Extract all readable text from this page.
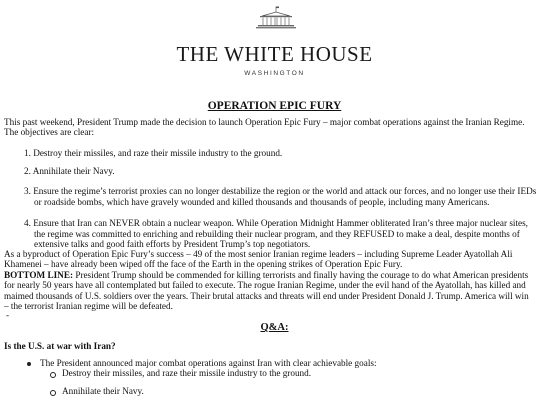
THE WHITE HOUSE
WASHINGTON
OPERATION EPIC FURY
This past weekend, President Trump made the decision to launch Operation Epic Fury – major combat operations against the Iranian Regime.
The objectives are clear:
1. Destroy their missiles, and raze their missile industry to the ground.
2. Annihilate their Navy.
3. Ensure the regime’s terrorist proxies can no longer destabilize the region or the world and attack our forces, and no longer use their IEDs
or roadside bombs, which have gravely wounded and killed thousands and thousands of people, including many Americans.
4. Ensure that Iran can NEVER obtain a nuclear weapon. While Operation Midnight Hammer obliterated Iran’s three major nuclear sites,
the regime was committed to enriching and rebuilding their nuclear program, and they REFUSED to make a deal, despite months of
extensive talks and good faith efforts by President Trump’s top negotiators.
As a byproduct of Operation Epic Fury’s success – 49 of the most senior Iranian regime leaders – including Supreme Leader Ayatollah Ali
Khamenei – have already been wiped off the face of the Earth in the opening strikes of Operation Epic Fury.
BOTTOM LINE: President Trump should be commended for killing terrorists and finally having the courage to do what American presidents
for nearly 50 years have all contemplated but failed to execute. The rogue Iranian Regime, under the evil hand of the Ayatollah, has killed and
maimed thousands of U.S. soldiers over the years. Their brutal attacks and threats will end under President Donald J. Trump. America will win
– the terrorist Iranian regime will be defeated.
-
Q&A:
Is the U.S. at war with Iran?
The President announced major combat operations against Iran with clear achievable goals:
Destroy their missiles, and raze their missile industry to the ground.
Annihilate their Navy.
